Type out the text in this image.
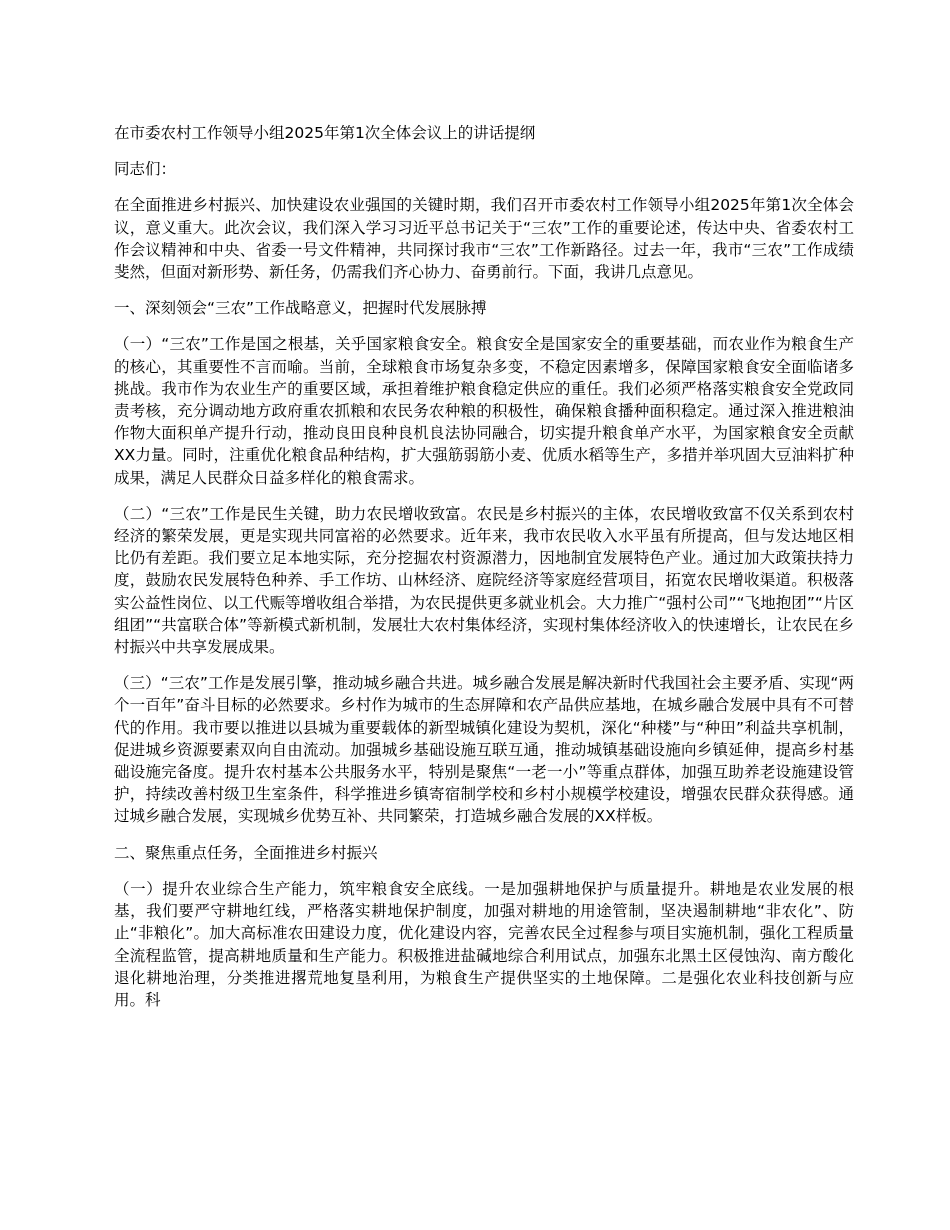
在市委农村工作领导小组2025年第1次全体会议上的讲话提纲

同志们：

在全面推进乡村振兴、加快建设农业强国的关键时期，我们召开市委农村工作领导小组2025年第1次全体会议，意义重大。此次会议，我们深入学习习近平总书记关于“三农”工作的重要论述，传达中央、省委农村工作会议精神和中央、省委一号文件精神，共同探讨我市“三农”工作新路径。过去一年，我市“三农”工作成绩斐然，但面对新形势、新任务，仍需我们齐心协力、奋勇前行。下面，我讲几点意见。

一、深刻领会“三农”工作战略意义，把握时代发展脉搏

（一）“三农”工作是国之根基，关乎国家粮食安全。粮食安全是国家安全的重要基础，而农业作为粮食生产的核心，其重要性不言而喻。当前，全球粮食市场复杂多变，不稳定因素增多，保障国家粮食安全面临诸多挑战。我市作为农业生产的重要区域，承担着维护粮食稳定供应的重任。我们必须严格落实粮食安全党政同责考核，充分调动地方政府重农抓粮和农民务农种粮的积极性，确保粮食播种面积稳定。通过深入推进粮油作物大面积单产提升行动，推动良田良种良机良法协同融合，切实提升粮食单产水平，为国家粮食安全贡献XX力量。同时，注重优化粮食品种结构，扩大强筋弱筋小麦、优质水稻等生产，多措并举巩固大豆油料扩种成果，满足人民群众日益多样化的粮食需求。

（二）“三农”工作是民生关键，助力农民增收致富。农民是乡村振兴的主体，农民增收致富不仅关系到农村经济的繁荣发展，更是实现共同富裕的必然要求。近年来，我市农民收入水平虽有所提高，但与发达地区相比仍有差距。我们要立足本地实际，充分挖掘农村资源潜力，因地制宜发展特色产业。通过加大政策扶持力度，鼓励农民发展特色种养、手工作坊、山林经济、庭院经济等家庭经营项目，拓宽农民增收渠道。积极落实公益性岗位、以工代赈等增收组合举措，为农民提供更多就业机会。大力推广“强村公司”“飞地抱团”“片区组团”“共富联合体”等新模式新机制，发展壮大农村集体经济，实现村集体经济收入的快速增长，让农民在乡村振兴中共享发展成果。

（三）“三农”工作是发展引擎，推动城乡融合共进。城乡融合发展是解决新时代我国社会主要矛盾、实现“两个一百年”奋斗目标的必然要求。乡村作为城市的生态屏障和农产品供应基地，在城乡融合发展中具有不可替代的作用。我市要以推进以县城为重要载体的新型城镇化建设为契机，深化“种楼”与“种田”利益共享机制，促进城乡资源要素双向自由流动。加强城乡基础设施互联互通，推动城镇基础设施向乡镇延伸，提高乡村基础设施完备度。提升农村基本公共服务水平，特别是聚焦“一老一小”等重点群体，加强互助养老设施建设管护，持续改善村级卫生室条件，科学推进乡镇寄宿制学校和乡村小规模学校建设，增强农民群众获得感。通过城乡融合发展，实现城乡优势互补、共同繁荣，打造城乡融合发展的XX样板。

二、聚焦重点任务，全面推进乡村振兴

（一）提升农业综合生产能力，筑牢粮食安全底线。一是加强耕地保护与质量提升。耕地是农业发展的根基，我们要严守耕地红线，严格落实耕地保护制度，加强对耕地的用途管制，坚决遏制耕地“非农化”、防止“非粮化”。加大高标准农田建设力度，优化建设内容，完善农民全过程参与项目实施机制，强化工程质量全流程监管，提高耕地质量和生产能力。积极推进盐碱地综合利用试点，加强东北黑土区侵蚀沟、南方酸化退化耕地治理，分类推进撂荒地复垦利用，为粮食生产提供坚实的土地保障。二是强化农业科技创新与应用。科
